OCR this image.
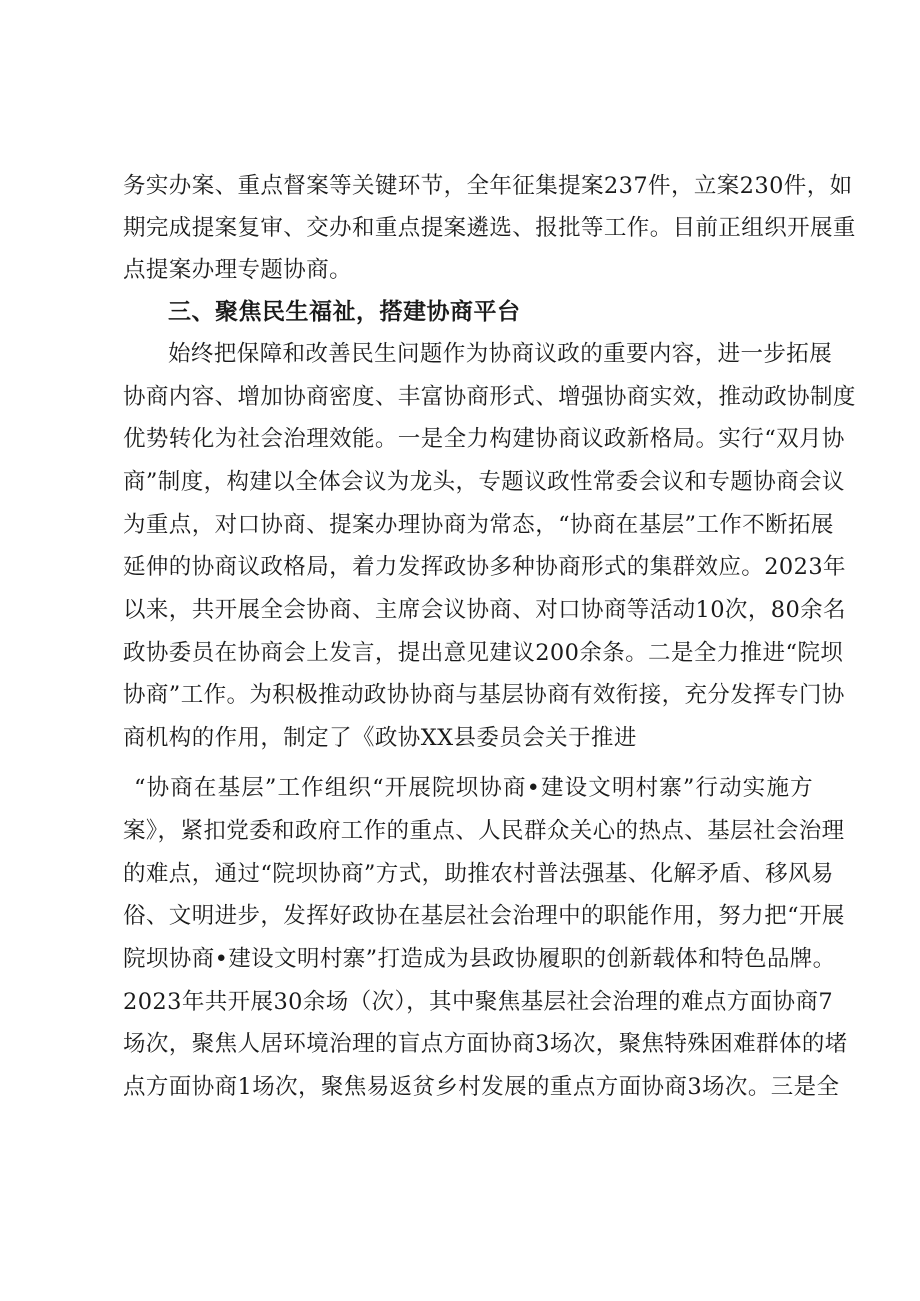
务实办案、重点督案等关键环节，全年征集提案237件，立案230件，如
期完成提案复审、交办和重点提案遴选、报批等工作。目前正组织开展重
点提案办理专题协商。
三、聚焦民生福祉，搭建协商平台
始终把保障和改善民生问题作为协商议政的重要内容，进一步拓展
协商内容、增加协商密度、丰富协商形式、增强协商实效，推动政协制度
优势转化为社会治理效能。一是全力构建协商议政新格局。实行“双月协
商”制度，构建以全体会议为龙头，专题议政性常委会议和专题协商会议
为重点，对口协商、提案办理协商为常态，“协商在基层”工作不断拓展
延伸的协商议政格局，着力发挥政协多种协商形式的集群效应。2023年
以来，共开展全会协商、主席会议协商、对口协商等活动10次，80余名
政协委员在协商会上发言，提出意见建议200余条。二是全力推进“院坝
协商”工作。为积极推动政协协商与基层协商有效衔接，充分发挥专门协
商机构的作用，制定了《政协XX县委员会关于推进
“协商在基层”工作组织“开展院坝协商•建设文明村寨”行动实施方
案》，紧扣党委和政府工作的重点、人民群众关心的热点、基层社会治理
的难点，通过“院坝协商”方式，助推农村普法强基、化解矛盾、移风易
俗、文明进步，发挥好政协在基层社会治理中的职能作用，努力把“开展
院坝协商•建设文明村寨”打造成为县政协履职的创新载体和特色品牌。
2023年共开展30余场（次），其中聚焦基层社会治理的难点方面协商7
场次，聚焦人居环境治理的盲点方面协商3场次，聚焦特殊困难群体的堵
点方面协商1场次，聚焦易返贫乡村发展的重点方面协商3场次。三是全
